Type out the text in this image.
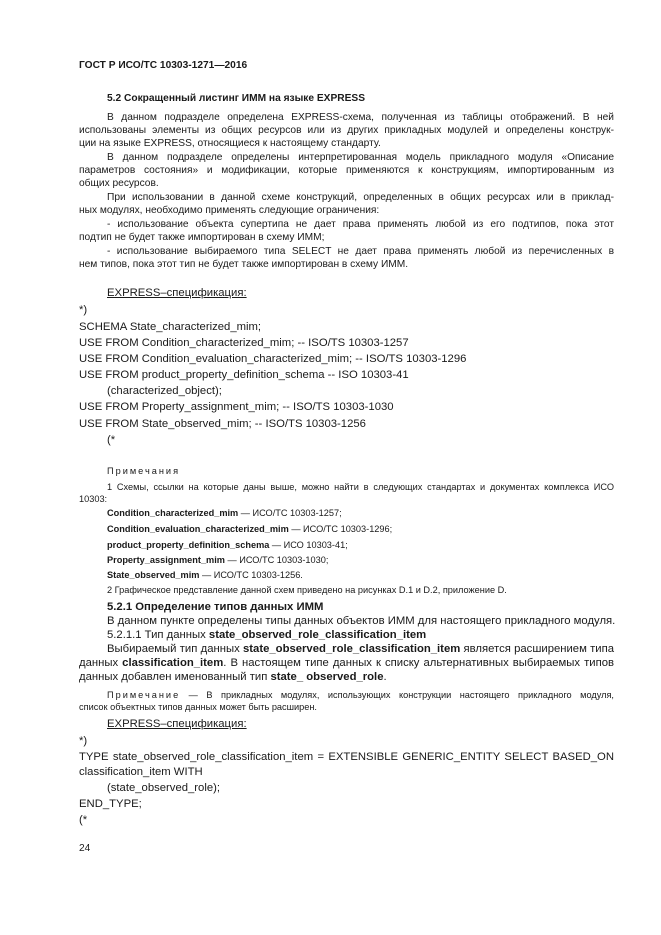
ГОСТ Р ИСО/ТС 10303-1271—2016

5.2 Сокращенный листинг ИММ на языке EXPRESS

В данном подразделе определена EXPRESS-схема, полученная из таблицы отображений. В ней

использованы элементы из общих ресурсов или из других прикладных модулей и определены конструк-

ции на языке EXPRESS, относящиеся к настоящему стандарту.

В данном подразделе определены интерпретированная модель прикладного модуля «Описание

параметров состояния» и модификации, которые применяются к конструкциям, импортированным из

общих ресурсов.

При использовании в данной схеме конструкций, определенных в общих ресурсах или в приклад-

ных модулях, необходимо применять следующие ограничения:

- использование объекта супертипа не дает права применять любой из его подтипов, пока этот

подтип не будет также импортирован в схему ИММ;

- использование выбираемого типа SELECT не дает права применять любой из перечисленных в

нем типов, пока этот тип не будет также импортирован в схему ИММ.

EXPRESS–спецификация:

*)

SCHEMA State_characterized_mim;

USE FROM Condition_characterized_mim; -- ISO/TS 10303-1257

USE FROM Condition_evaluation_characterized_mim; -- ISO/TS 10303-1296

USE FROM product_property_definition_schema -- ISO 10303-41

(characterized_object);

USE FROM Property_assignment_mim; -- ISO/TS 10303-1030

USE FROM State_observed_mim; -- ISO/TS 10303-1256

(*

Примечания

1 Схемы, ссылки на которые даны выше, можно найти в следующих стандартах и документах комплекса ИСО

10303:

Condition_characterized_mim — ИСО/ТС 10303-1257;

Condition_evaluation_characterized_mim — ИСО/ТС 10303-1296;

product_property_definition_schema — ИСО 10303-41;

Property_assignment_mim — ИСО/ТС 10303-1030;

State_observed_mim — ИСО/ТС 10303-1256.

2 Графическое представление данной схем приведено на рисунках D.1 и D.2, приложение D.

5.2.1 Определение типов данных ИММ

В данном пункте определены типы данных объектов ИММ для настоящего прикладного модуля.

5.2.1.1 Тип данных state_observed_role_classification_item

Выбираемый тип данных state_observed_role_classification_item является расширением типа

данных classification_item. В настоящем типе данных к списку альтернативных выбираемых типов

данных добавлен именованный тип state_ observed_role.

Примечание — В прикладных модулях, использующих конструкции настоящего прикладного модуля,

список объектных типов данных может быть расширен.

EXPRESS–спецификация:

*)

TYPE state_observed_role_classification_item = EXTENSIBLE GENERIC_ENTITY SELECT BASED_ON

classification_item WITH

(state_observed_role);

END_TYPE;

(*

24
